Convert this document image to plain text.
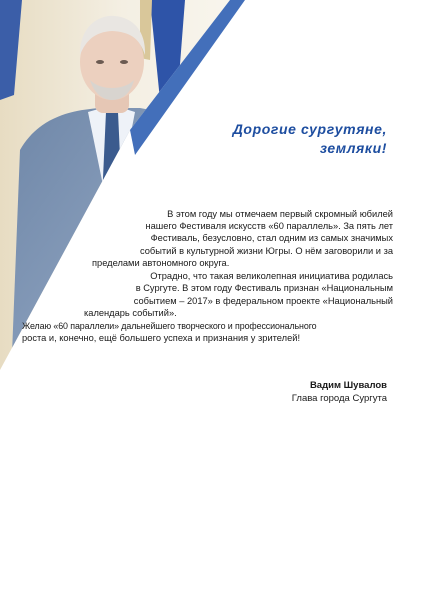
Дорогие сургутяне,
земляки!
В этом году мы отмечаем первый скромный юбилей
нашего Фестиваля искусств «60 параллель». За пять лет
Фестиваль, безусловно, стал одним из самых значимых
событий в культурной жизни Югры. О нём заговорили и за
пределами автономного округа.
Отрадно, что такая великолепная инициатива родилась
в Сургуте. В этом году Фестиваль признан «Национальным
событием – 2017» в федеральном проекте «Национальный
календарь событий».
Желаю «60 параллели» дальнейшего творческого и профессионального
роста и, конечно, ещё большего успеха и признания у зрителей!
Вадим Шувалов
Глава города Сургута
